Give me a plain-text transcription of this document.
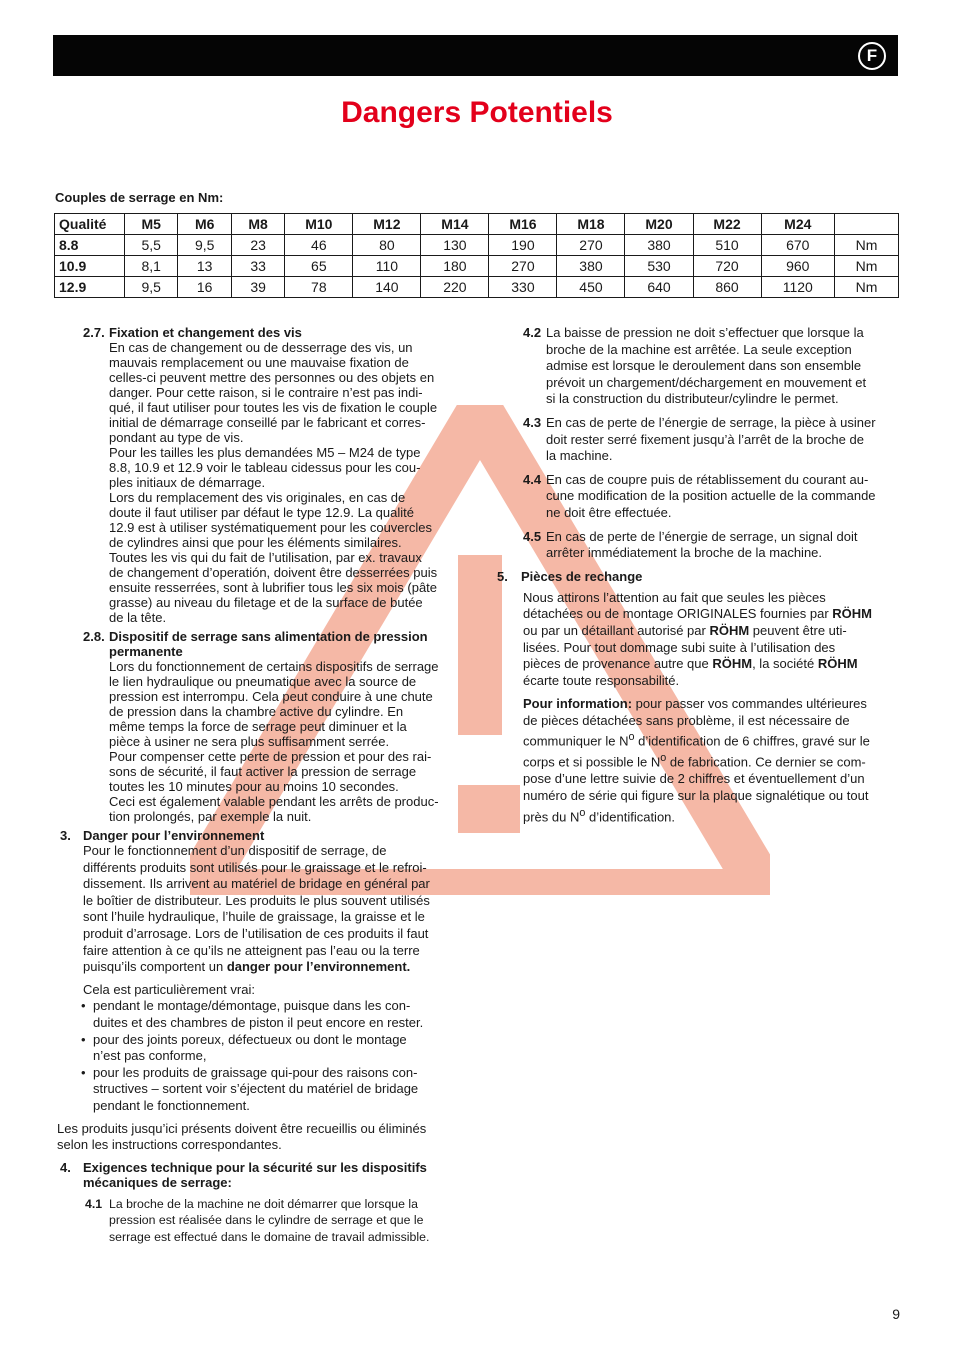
F
Dangers Potentiels
Couples de serrage en Nm:
Qualité	M5	M6	M8	M10	M12	M14	M16	M18	M20	M22	M24	
8.8	5,5	9,5	23	46	80	130	190	270	380	510	670	Nm
10.9	8,1	13	33	65	110	180	270	380	530	720	960	Nm
12.9	9,5	16	39	78	140	220	330	450	640	860	1120	Nm
2.7. Fixation et changement des vis
En cas de changement ou de desserrage des vis, un
mauvais remplacement ou une mauvaise fixation de
celles-ci peuvent mettre des personnes ou des objets en
danger. Pour cette raison, si le contraire n’est pas indi-
qué, il faut utiliser pour toutes les vis de fixation le couple
initial de démarrage conseillé par le fabricant et corres-
pondant au type de vis.
Pour les tailles les plus demandées M5 – M24 de type
8.8, 10.9 et 12.9 voir le tableau cidessus pour les cou-
ples initiaux de démarrage.
Lors du remplacement des vis originales, en cas de
doute il faut utiliser par défaut le type 12.9. La qualité
12.9 est à utiliser systématiquement pour les couvercles
de cylindres ainsi que pour les éléments similaires.
Toutes les vis qui du fait de l’utilisation, par ex. travaux
de changement d’operatión, doivent être desserrées puis
ensuite resserrées, sont à lubrifier tous les six mois (pâte
grasse) au niveau du filetage et de la surface de butée
de la tête.
2.8. Dispositif de serrage sans alimentation de pression
permanente
Lors du fonctionnement de certains dispositifs de serrage
le lien hydraulique ou pneumatique avec la source de
pression est interrompu. Cela peut conduire à une chute
de pression dans la chambre active du cylindre. En
même temps la force de serrage peut diminuer et la
pièce à usiner ne sera plus suffisamment serrée.
Pour compenser cette perte de pression et pour des rai-
sons de sécurité, il faut activer la pression de serrage
toutes les 10 minutes pour au moins 10 secondes.
Ceci est également valable pendant les arrêts de produc-
tion prolongés, par exemple la nuit.
3. Danger pour l’environnement
Pour le fonctionnement d’un dispositif de serrage, de
différents produits sont utilisés pour le graissage et le refroi-
dissement. Ils arrivent au matériel de bridage en général par
le boîtier de distributeur. Les produits le plus souvent utilisés
sont l’huile hydraulique, l’huile de graissage, la graisse et le
produit d’arrosage. Lors de l’utilisation de ces produits il faut
faire attention à ce qu’ils ne atteignent pas l’eau ou la terre
puisqu’ils comportent un danger pour l’environnement.
Cela est particulièrement vrai:
• pendant le montage/démontage, puisque dans les con-
duites et des chambres de piston il peut encore en rester.
• pour des joints poreux, défectueux ou dont le montage
n’est pas conforme,
• pour les produits de graissage qui-pour des raisons con-
structives – sortent voir s’éjectent du matériel de bridage
pendant le fonctionnement.
Les produits jusqu’ici présents doivent être recueillis ou éliminés
selon les instructions correspondantes.
4. Exigences technique pour la sécurité sur les dispositifs
mécaniques de serrage:
4.1 La broche de la machine ne doit démarrer que lorsque la
pression est réalisée dans le cylindre de serrage et que le
serrage est effectué dans le domaine de travail admissible.
4.2 La baisse de pression ne doit s’effectuer que lorsque la
broche de la machine est arrêtée. La seule exception
admise est lorsque le deroulement dans son ensemble
prévoit un chargement/déchargement en mouvement et
si la construction du distributeur/cylindre le permet.
4.3 En cas de perte de l’énergie de serrage, la pièce à usiner
doit rester serré fixement jusqu’à l’arrêt de la broche de
la machine.
4.4 En cas de coupre puis de rétablissement du courant au-
cune modification de la position actuelle de la commande
ne doit être effectuée.
4.5 En cas de perte de l’énergie de serrage, un signal doit
arrêter immédiatement la broche de la machine.
5. Pièces de rechange
Nous attirons l’attention au fait que seules les pièces
détachées ou de montage ORIGINALES fournies par RÖHM
ou par un détaillant autorisé par RÖHM peuvent être uti-
lisées. Pour tout dommage subi suite à l’utilisation des
pièces de provenance autre que RÖHM, la société RÖHM
écarte toute responsabilité.
Pour information: pour passer vos commandes ultérieures
de pièces détachées sans problème, il est nécessaire de
communiquer le $N^o$ d’identification de 6 chiffres, gravé sur le
corps et si possible le $N^o$ de fabrication. Ce dernier se com-
pose d’une lettre suivie de 2 chiffres et éventuellement d’un
numéro de série qui figure sur la plaque signalétique ou tout
près du $N^o$ d’identification.
9
